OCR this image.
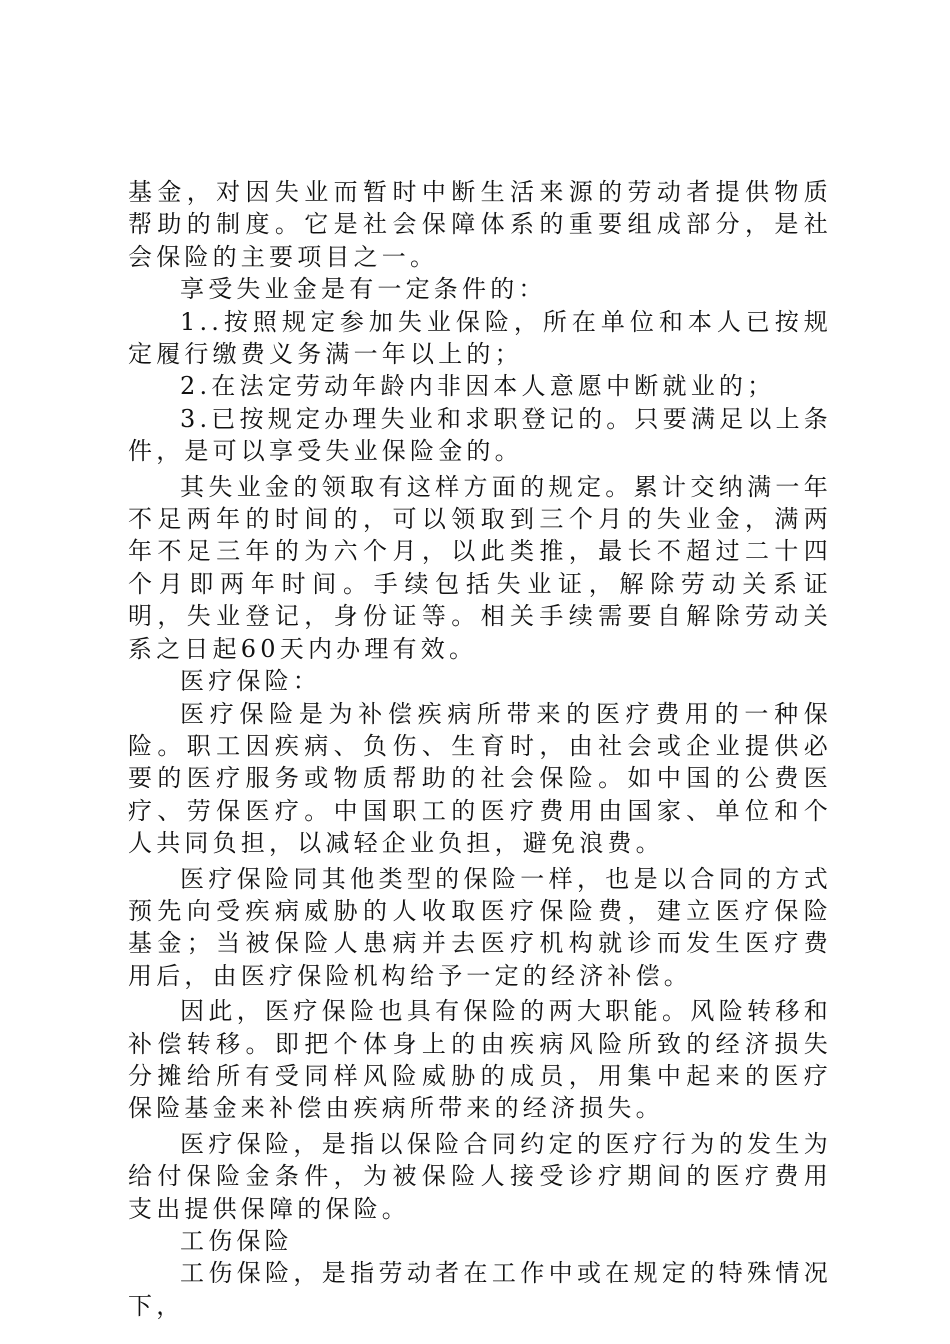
基金，对因失业而暂时中断生活来源的劳动者提供物质帮助的制度。它是社会保障体系的重要组成部分，是社会保险的主要项目之一。

享受失业金是有一定条件的：

1..按照规定参加失业保险，所在单位和本人已按规定履行缴费义务满一年以上的；

2.在法定劳动年龄内非因本人意愿中断就业的；

3.已按规定办理失业和求职登记的。只要满足以上条件，是可以享受失业保险金的。

其失业金的领取有这样方面的规定。累计交纳满一年不足两年的时间的，可以领取到三个月的失业金，满两年不足三年的为六个月，以此类推，最长不超过二十四个月即两年时间。手续包括失业证，解除劳动关系证明，失业登记，身份证等。相关手续需要自解除劳动关系之日起60天内办理有效。

医疗保险：

医疗保险是为补偿疾病所带来的医疗费用的一种保险。职工因疾病、负伤、生育时，由社会或企业提供必要的医疗服务或物质帮助的社会保险。如中国的公费医疗、劳保医疗。中国职工的医疗费用由国家、单位和个人共同负担，以减轻企业负担，避免浪费。

医疗保险同其他类型的保险一样，也是以合同的方式预先向受疾病威胁的人收取医疗保险费，建立医疗保险基金；当被保险人患病并去医疗机构就诊而发生医疗费用后，由医疗保险机构给予一定的经济补偿。

因此，医疗保险也具有保险的两大职能。风险转移和补偿转移。即把个体身上的由疾病风险所致的经济损失分摊给所有受同样风险威胁的成员，用集中起来的医疗保险基金来补偿由疾病所带来的经济损失。

医疗保险，是指以保险合同约定的医疗行为的发生为给付保险金条件，为被保险人接受诊疗期间的医疗费用支出提供保障的保险。

工伤保险

工伤保险，是指劳动者在工作中或在规定的特殊情况下，
